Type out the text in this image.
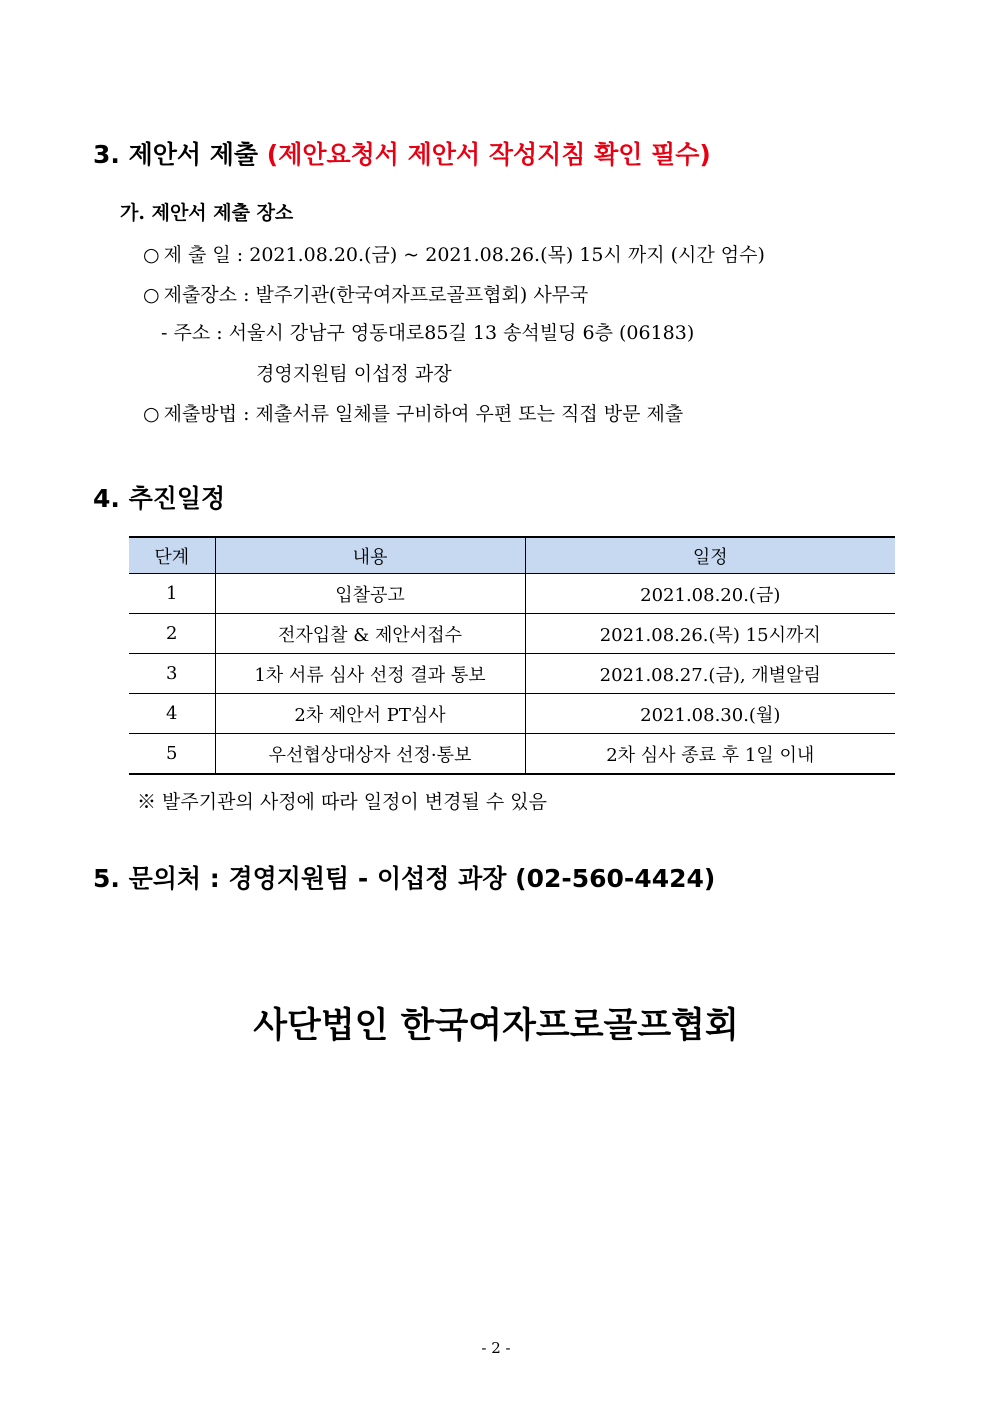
3. 제안서 제출 (제안요청서 제안서 작성지침 확인 필수)
가. 제안서 제출 장소
○ 제 출 일 : 2021.08.20.(금) ~ 2021.08.26.(목) 15시 까지 (시간 엄수)
○ 제출장소 : 발주기관(한국여자프로골프협회) 사무국
- 주소 : 서울시 강남구 영동대로85길 13 송석빌딩 6층 (06183)
경영지원팀 이섭정 과장
○ 제출방법 : 제출서류 일체를 구비하여 우편 또는 직접 방문 제출
4. 추진일정
단계	내용	일정
1	입찰공고	2021.08.20.(금)
2	전자입찰 & 제안서접수	2021.08.26.(목) 15시까지
3	1차 서류 심사 선정 결과 통보	2021.08.27.(금), 개별알림
4	2차 제안서 PT심사	2021.08.30.(월)
5	우선협상대상자 선정·통보	2차 심사 종료 후 1일 이내
※ 발주기관의 사정에 따라 일정이 변경될 수 있음
5. 문의처 : 경영지원팀 - 이섭정 과장 (02-560-4424)
사단법인 한국여자프로골프협회
- 2 -
